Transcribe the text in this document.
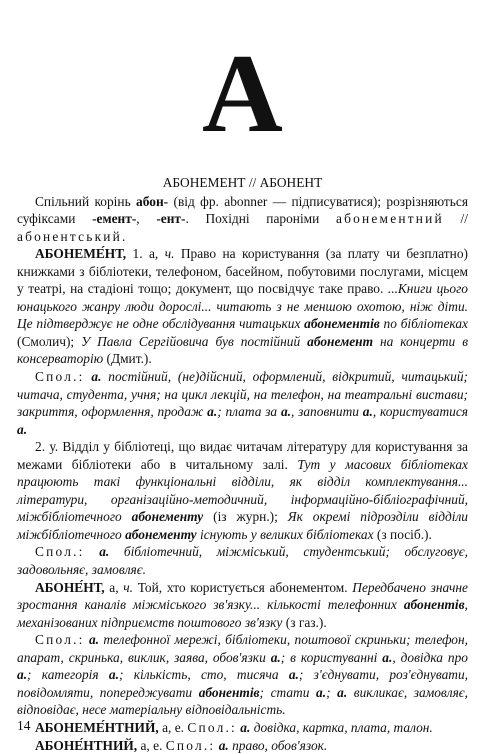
А
АБОНЕМЕНТ // АБОНЕНТ

Спільний корінь абон- (від фр. abonner — підписуватися); розрізняються суфіксами -емент-, -ент-. Похідні пароніми абонементний // абонентський.

АБОНЕМЕ́НТ, 1. а, ч. Право на користування (за плату чи безплатно) книжками з бібліотеки, телефоном, басейном, побутовими послугами, місцем у театрі, на стадіоні тощо; документ, що посвідчує таке право. ...Книги цього юнацького жанру люди дорослі... читають з не меншою охотою, ніж діти. Це підтверджує не одне обслідування читацьких абонементів по бібліотеках (Смолич); У Павла Сергійовича був постійний абонемент на концерти в консерваторію (Дмит.).

Спол.: а. постійний, (не)дійсний, оформлений, відкритий, читацький; читача, студента, учня; на цикл лекцій, на телефон, на театральні вистави; закриття, оформлення, продаж а.; плата за а., заповнити а., користуватися а.

2. у. Відділ у бібліотеці, що видає читачам літературу для користування за межами бібліотеки або в читальному залі. Тут у масових бібліотеках працюють такі функціональні відділи, як відділ комплектування... літератури, організаційно-методичний, інформаційно-бібліографічний, міжбібліотечного абонементу (із журн.); Як окремі підрозділи відділи міжбібліотечного абонементу існують у великих бібліотеках (з посіб.).

Спол.: а. бібліотечний, міжміський, студентський; обслуговує, задовольняє, замовляє.

АБОНЕ́НТ, а, ч. Той, хто користується абонементом. Передбачено значне зростання каналів міжміського зв'язку... кількості телефонних абонентів, механізованих підприємств поштового зв'язку (з газ.).

Спол.: а. телефонної мережі, бібліотеки, поштової скриньки; телефон, апарат, скринька, виклик, заява, обов'язки а.; в користуванні а., довідка про а.; категорія а.; кількість, сто, тисяча а.; з'єднувати, роз'єднувати, повідомляти, попереджувати абонентів; стати а.; а. викликає, замовляє, відповідає, несе матеріальну відповідальність.

АБОНЕМЕ́НТНИЙ, а, е. Спол.: а. довідка, картка, плата, талон.

АБОНЕ́НТНИЙ, а, е. Спол.: а. право, обов'язок.

14
